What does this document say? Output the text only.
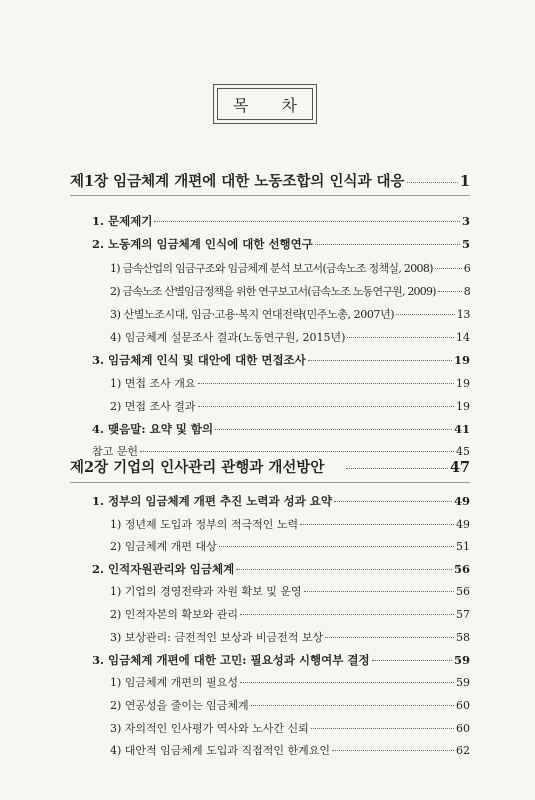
목 차
제1장 임금체계 개편에 대한 노동조합의 인식과 대응	1
1. 문제제기	3
2. 노동계의 임금체계 인식에 대한 선행연구	5
1) 금속산업의 임금구조와 임금체계 분석 보고서(금속노조 정책실, 2008)	6
2) 금속노조 산별임금정책을 위한 연구보고서(금속노조 노동연구원, 2009)	8
3) 산별노조시대, 임금·고용·복지 연대전략(민주노총, 2007년)	13
4) 임금체계 설문조사 결과(노동연구원, 2015년)	14
3. 임금체계 인식 및 대안에 대한 면접조사	19
1) 면접 조사 개요	19
2) 면접 조사 결과	19
4. 맺음말: 요약 및 함의	41
참고 문헌	45
제2장 기업의 인사관리 관행과 개선방안	47
1. 정부의 임금체계 개편 추진 노력과 성과 요약	49
1) 정년제 도입과 정부의 적극적인 노력	49
2) 임금체계 개편 대상	51
2. 인적자원관리와 임금체계	56
1) 기업의 경영전략과 자원 확보 및 운영	56
2) 인적자본의 확보와 관리	57
3) 보상관리: 금전적인 보상과 비금전적 보상	58
3. 임금체계 개편에 대한 고민: 필요성과 시행여부 결정	59
1) 임금체계 개편의 필요성	59
2) 연공성을 줄이는 임금체계	60
3) 자의적인 인사평가 역사와 노사간 신뢰	60
4) 대안적 임금체계 도입과 직접적인 한계요인	62
